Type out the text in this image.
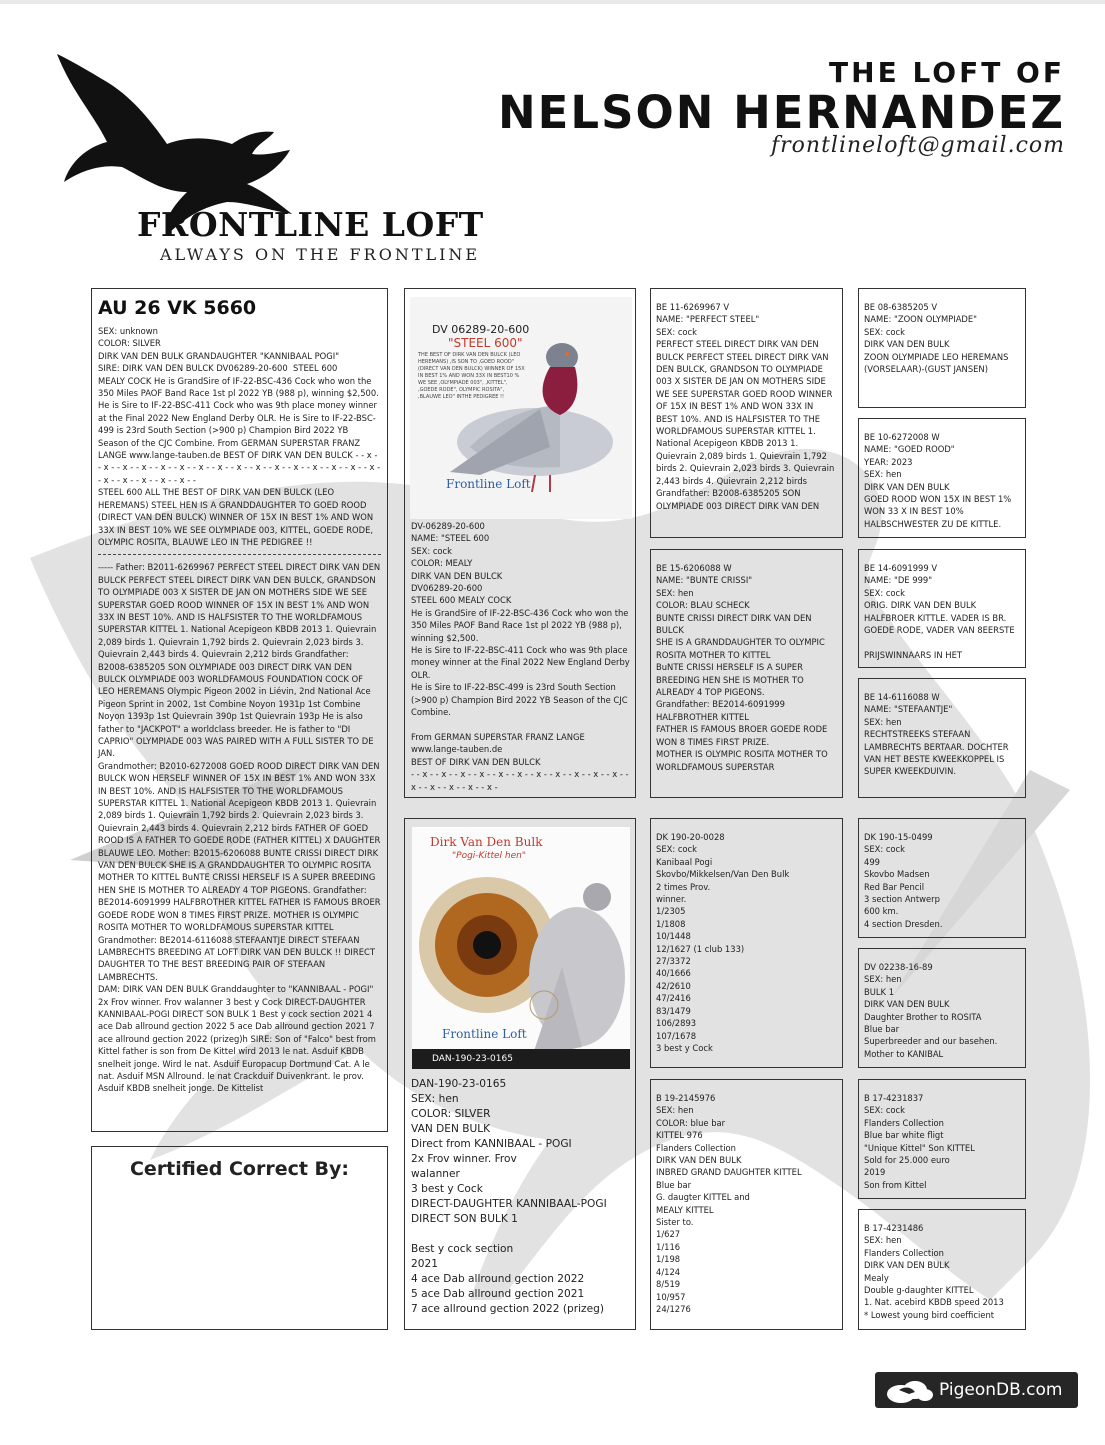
FRONTLINE LOFT
ALWAYS ON THE FRONTLINE
THE LOFT OF
NELSON HERNANDEZ
frontlineloft@gmail.com
AU 26 VK 5660
SEX: unknown
COLOR: SILVER
DIRK VAN DEN BULK GRANDAUGHTER "KANNIBAAL POGI"
SIRE: DIRK VAN DEN BULCK DV06289-20-600 ﻿﻿ STEEL 600﻿
MEALY COCK He is GrandSire of IF-22-BSC-436 Cock who won the 350 Miles PAOF Band Race 1st pl 2022 YB (988 p), winning $2,500. He is Sire to IF-22-BSC-411 Cock who was 9th place money winner at the Final 2022 New England Derby OLR. He is Sire to IF-22-BSC-499 is 23rd South Section (>900 p) Champion Bird 2022 YB Season of the CJC Combine. From GERMAN SUPERSTAR FRANZ LANGE www.lange-tauben.de BEST OF DIRK VAN DEN BULCK - - x - - x - - x - - x - - x - - x - - x - - x - - x - - x - - x - - x - - x - - x - - x - - x - - x - - x - - x - - x - - x - -
﻿STEEL 600﻿ ALL THE BEST OF DIRK VAN DEN BULCK (LEO HEREMANS) ﻿STEEL HEN﻿ IS A GRANDDAUGHTER TO ﻿GOED ROOD﻿ (DIRECT VAN DEN BULCK) WINNER OF 15X IN BEST 1% AND WON 33X IN BEST 10% WE SEE ﻿OLYMPIADE 003﻿, ﻿KITTEL﻿, ﻿GOEDE RODE﻿, OLYMPIC ROSITA﻿, ﻿BLAUWE LEO﻿ IN THE PEDIGREE !!
----- Father: B2011-6269967 ﻿PERFECT STEEL﻿ DIRECT DIRK VAN DEN BULCK ﻿PERFECT STEEL﻿ DIRECT DIRK VAN DEN BULCK, GRANDSON TO ﻿OLYMPIADE 003﻿ X ﻿SISTER DE JAN﻿ ON MOTHERS SIDE WE SEE SUPERSTAR ﻿GOED ROOD﻿ WINNER OF 15X IN BEST 1% AND WON 33X IN BEST 10%. AND IS HALFSISTER TO THE WORLDFAMOUS SUPERSTAR ﻿KITTEL﻿ 1. National Acepigeon KBDB 2013 1. Quievrain 2,089 birds 1. Quievrain 1,792 birds 2. Quievrain 2,023 birds 3. Quievrain 2,443 birds 4. Quievrain 2,212 birds Grandfather: B2008-6385205 ﻿SON OLYMPIADE 003﻿ DIRECT DIRK VAN DEN BULCK ﻿OLYMPIADE 003﻿ WORLDFAMOUS FOUNDATION COCK OF LEO HEREMANS Olympic Pigeon 2002 in Liévin, 2nd National Ace Pigeon Sprint in 2002, 1st Combine Noyon 1931p 1st Combine Noyon 1393p 1st Quievrain 390p 1st Quievrain 193p He is also father to "JACKPOT" a worldclass breeder. He is father to "DI CAPRIO" ﻿OLYMPIADE 003﻿ WAS PAIRED WITH A FULL SISTER TO ﻿DE JAN﻿.
Grandmother: B2010-6272008 ﻿GOED ROOD﻿ DIRECT DIRK VAN DEN BULCK WON HERSELF WINNER OF 15X IN BEST 1% AND WON 33X IN BEST 10%. AND IS HALFSISTER TO THE WORLDFAMOUS SUPERSTAR ﻿KITTEL﻿ 1. National Acepigeon KBDB 2013 1. Quievrain 2,089 birds 1. Quievrain 1,792 birds 2. Quievrain 2,023 birds 3. Quievrain 2,443 birds 4. Quievrain 2,212 birds FATHER OF ﻿GOED ROOD﻿ IS A FATHER TO ﻿GOEDE RODE﻿ (FATHER KITTEL) X DAUGHTER BLAUWE LEO. Mother: B2015-6206088 ﻿BUNTE CRISSI﻿ DIRECT DIRK VAN DEN BULCK SHE IS A GRANDDAUGHTER TO ﻿OLYMPIC ROSITA﻿ MOTHER TO ﻿KITTEL﻿ ﻿BuNTE CRISSI﻿ HERSELF IS A SUPER BREEDING HEN SHE IS MOTHER TO ALREADY 4 TOP PIGEONS. Grandfather: BE2014-6091999 ﻿HALFBROTHER KITTEL﻿ FATHER IS FAMOUS ﻿BROER GOEDE RODE﻿ WON 8 TIMES FIRST PRIZE. MOTHER IS ﻿OLYMPIC ROSITA﻿ MOTHER TO WORLDFAMOUS SUPERSTAR ﻿KITTEL﻿ Grandmother: BE2014-6116088 ﻿STEFAANTJE﻿ DIRECT STEFAAN LAMBRECHTS BREEDING AT LOFT DIRK VAN DEN BULCK !! DIRECT DAUGHTER TO THE BEST BREEDING PAIR OF STEFAAN LAMBRECHTS.
DAM: DIRK VAN DEN BULK Granddaughter to "KANNIBAAL - POGI" 2x Frov winner. Frov walanner 3 best y Cock DIRECT-DAUGHTER KANNIBAAL-POGI DIRECT SON BULK 1 Best y cock section 2021 4 ace Dab allround gection 2022 5 ace Dab allround gection 2021 7 ace allround gection 2022 (prizeg)h SIRE: Son of "Falco" best from Kittel father is son from De Kittel wird 2013 le nat. Asduif KBDB snelheit jonge. Wird le nat. Asduif Europacup Dortmund Cat. A le nat. Asduif MSN Allround. le nat Crackduif Duivenkrant. le prov. Asduif KBDB snelheit jonge. De Kittelist
Certified Correct By:
DV 06289-20-600
"STEEL 600"
THE BEST OF DIRK VAN DEN BULCK (LEO HEREMANS) ,IS SON TO ,GOED ROOD" (DIRECT VAN DEN BULCK) WINNER OF 15X IN BEST 1% AND WON 33X IN BEST10 % WE SEE ,OLYMPIADE 003", ,KITTEL", ,GOEDE RODE", OLYMPIC ROSITA", ,BLAUWE LEO" INTHE PEDIGREE !!
Frontline Loft
DV-06289-20-600
NAME: "STEEL 600﻿
SEX: cock
COLOR: MEALY
DIRK VAN DEN BULCK
DV06289-20-600 ﻿﻿
STEEL 600﻿ MEALY COCK
He is GrandSire of IF-22-BSC-436 Cock who won the 350 Miles PAOF Band Race 1st pl 2022 YB (988 p), winning $2,500.
He is Sire to IF-22-BSC-411 Cock who was 9th place money winner at the Final 2022 New England Derby OLR.
He is Sire to IF-22-BSC-499 is 23rd South Section (>900 p) Champion Bird 2022 YB Season of the CJC Combine.

From GERMAN SUPERSTAR FRANZ LANGE
www.lange-tauben.de
BEST OF DIRK VAN DEN BULCK
- - x - - x - - x - - x - - x - - x - - x - - x - - x - - x - - x - - x - - x - - x - - x - - x -
Dirk Van Den Bulk
"Pogi-Kittel hen"
Frontline Loft
DAN-190-23-0165
DAN-190-23-0165
SEX: hen
COLOR: SILVER
VAN DEN BULK
Direct from ﻿KANNIBAAL - POGI﻿
2x Frov winner. Frov
walanner
3 best y Cock
DIRECT-DAUGHTER KANNIBAAL-POGI
DIRECT SON BULK 1

Best y cock section
2021
4 ace Dab allround gection 2022
5 ace Dab allround gection 2021
7 ace allround gection 2022 (prizeg)
BE 11-6269967 V
NAME: "PERFECT STEEL"
SEX: cock
﻿PERFECT STEEL﻿ DIRECT DIRK VAN DEN BULCK ﻿PERFECT STEEL﻿ DIRECT DIRK VAN DEN BULCK, GRANDSON TO ﻿OLYMPIADE 003﻿ X ﻿SISTER DE JAN﻿ ON MOTHERS SIDE WE SEE SUPERSTAR ﻿GOED ROOD﻿ WINNER OF 15X IN BEST 1% AND WON 33X IN BEST 10%. AND IS HALFSISTER TO THE WORLDFAMOUS SUPERSTAR ﻿KITTEL﻿ 1. National Acepigeon KBDB 2013 1. Quievrain 2,089 birds 1. Quievrain 1,792 birds 2. Quievrain 2,023 birds 3. Quievrain 2,443 birds 4. Quievrain 2,212 birds
Grandfather: B2008-6385205 ﻿SON OLYMPIADE 003﻿ DIRECT DIRK VAN DEN
BE 15-6206088 W
NAME: "BUNTE CRISSI"
SEX: hen
COLOR: BLAU SCHECK
﻿BUNTE CRISSI﻿ DIRECT DIRK VAN DEN BULCK
SHE IS A GRANDDAUGHTER TO ﻿OLYMPIC ROSITA﻿ MOTHER TO ﻿KITTEL﻿
﻿BuNTE CRISSI﻿ HERSELF IS A SUPER BREEDING HEN SHE IS MOTHER TO ALREADY 4 TOP PIGEONS.
Grandfather: BE2014-6091999 ﻿HALFBROTHER KITTEL﻿
FATHER IS FAMOUS ﻿BROER GOEDE RODE﻿ WON 8 TIMES FIRST PRIZE.
MOTHER IS ﻿OLYMPIC ROSITA﻿ MOTHER TO WORLDFAMOUS SUPERSTAR
DK 190-20-0028
SEX: cock
Kanibaal Pogi
Skovbo/Mikkelsen/Van Den Bulk
2 times Prov.
winner.
1/2305
1/1808
10/1448
12/1627 (1 club 133)
27/3372
40/1666
42/2610
47/2416
83/1479
106/2893
107/1678
3 best y Cock
B 19-2145976
SEX: hen
COLOR: blue bar
KITTEL 976
Flanders Collection
DIRK VAN DEN BULK
INBRED GRAND DAUGHTER ﻿KITTEL ﻿
Blue bar
G. daugter KITTEL and
MEALY KITTEL
Sister to.
1/627
1/116
1/198
4/124
8/519
10/957
24/1276
BE 08-6385205 V
NAME: "ZOON OLYMPIADE"
SEX: cock
DIRK VAN DEN BULK
ZOON OLYMPIADE LEO HEREMANS (VORSELAAR)-(GUST JANSEN)
BE 10-6272008 W
NAME: "GOED ROOD"
YEAR: 2023
SEX: hen
DIRK VAN DEN BULK
GOED ROOD WON 15X IN BEST 1% WON 33 X IN BEST 10% HALBSCHWESTER ZU DE KITTLE.
BE 14-6091999 V
NAME: "DE 999"
SEX: cock
ORIG. DIRK VAN DEN BULK
HALFBROER KITTLE. VADER IS BR. GOEDE RODE, VADER VAN 8EERSTE

PRIJSWINNAARS IN HET
BE 14-6116088 W
NAME: "STEFAANTJE"
SEX: hen
RECHTSTREEKS STEFAAN LAMBRECHTS BERTAAR. DOCHTER VAN HET BESTE KWEEKKOPPEL IS SUPER KWEEKDUIVIN.
DK 190-15-0499
SEX: cock
499
Skovbo Madsen
Red Bar Pencil
3 section Antwerp
600 km.
4 section Dresden.
DV 02238-16-89
SEX: hen
﻿BULK 1﻿
DIRK VAN DEN BULK
Daughter Brother to ﻿ROSITA﻿
Blue bar
Superbreeder and our basehen.
Mother to KANIBAL
B 17-4231837
SEX: cock
Flanders Collection
Blue bar white fligt
"Unique Kittel" Son ﻿KITTEL ﻿
Sold for 25.000 euro
2019
Son from Kittel
B 17-4231486
SEX: hen
Flanders Collection
DIRK VAN DEN BULK
Mealy
Double g-daughter ﻿KITTEL﻿
1. Nat. acebird KBDB speed 2013
* Lowest young bird coefficient
PigeonDB.com
